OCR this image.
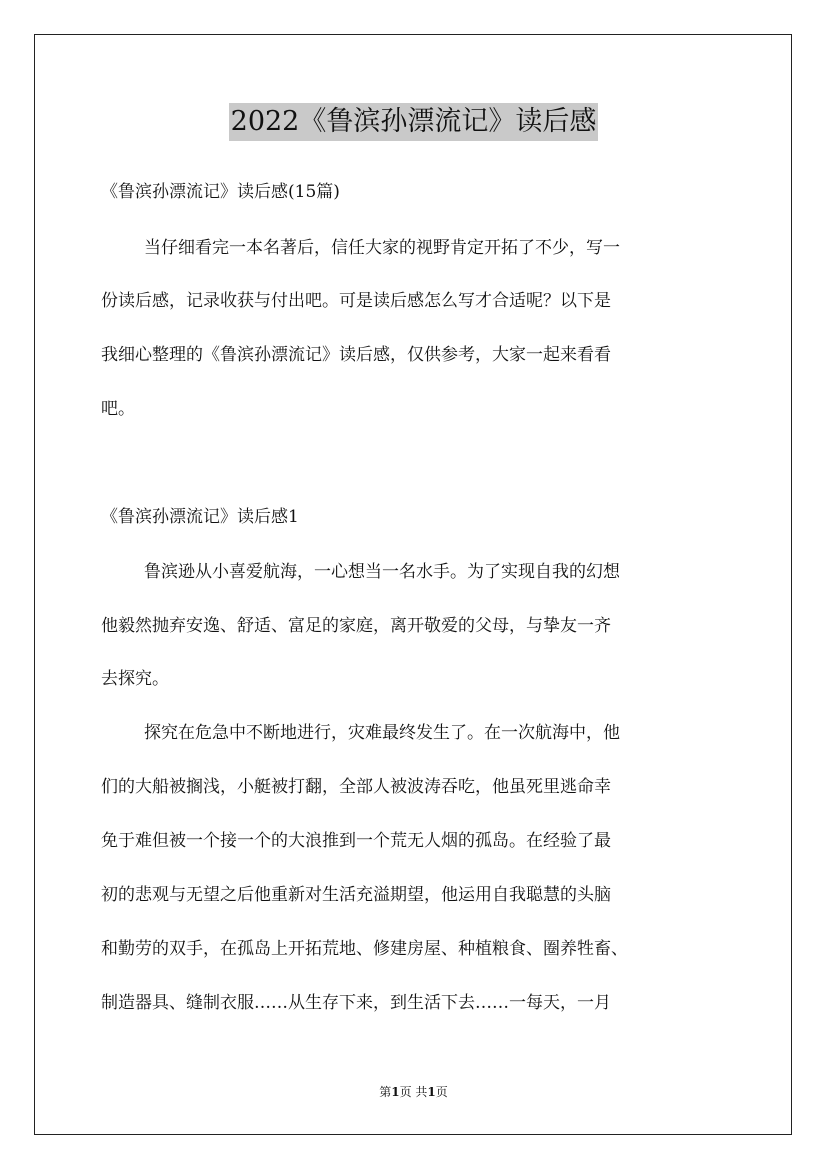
2022《鲁滨孙漂流记》读后感
《鲁滨孙漂流记》读后感(15篇)
当仔细看完一本名著后，信任大家的视野肯定开拓了不少，写一
份读后感，记录收获与付出吧。可是读后感怎么写才合适呢？以下是
我细心整理的《鲁滨孙漂流记》读后感，仅供参考，大家一起来看看
吧。
《鲁滨孙漂流记》读后感1
鲁滨逊从小喜爱航海，一心想当一名水手。为了实现自我的幻想
他毅然抛弃安逸、舒适、富足的家庭，离开敬爱的父母，与挚友一齐
去探究。
探究在危急中不断地进行，灾难最终发生了。在一次航海中，他
们的大船被搁浅，小艇被打翻，全部人被波涛吞吃，他虽死里逃命幸
免于难但被一个接一个的大浪推到一个荒无人烟的孤岛。在经验了最
初的悲观与无望之后他重新对生活充溢期望，他运用自我聪慧的头脑
和勤劳的双手，在孤岛上开拓荒地、修建房屋、种植粮食、圈养牲畜、
制造器具、缝制衣服……从生存下来，到生活下去……一每天，一月
第1页 共1页
